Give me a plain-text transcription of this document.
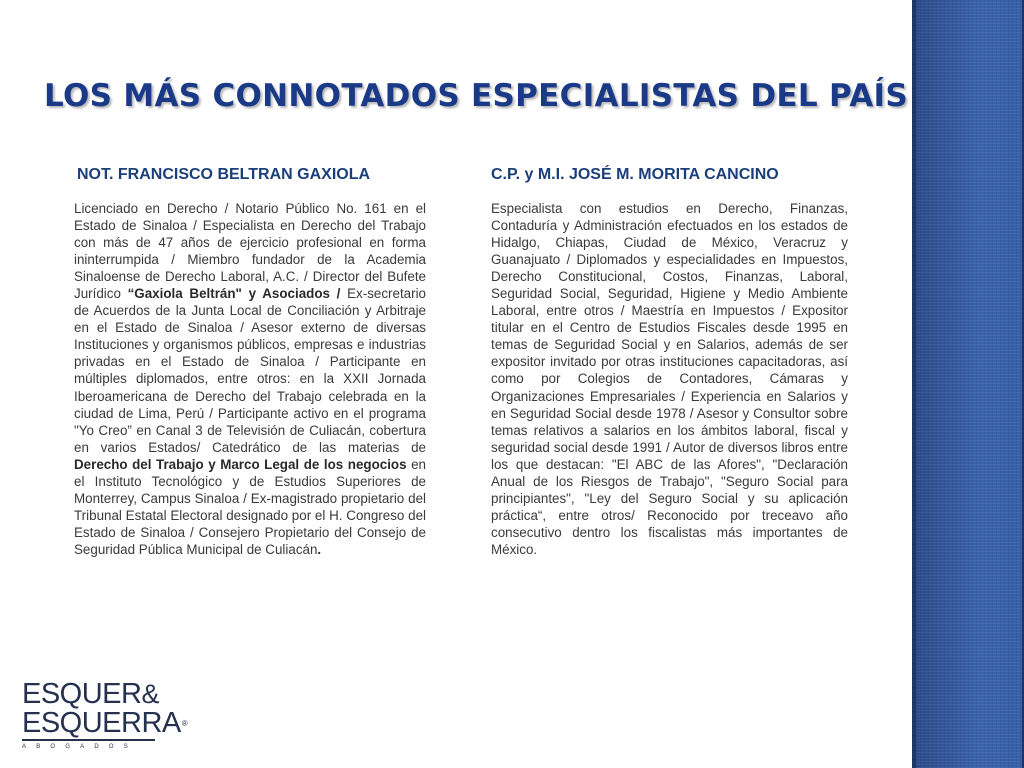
LOS MÁS CONNOTADOS ESPECIALISTAS DEL PAÍS
NOT. FRANCISCO BELTRAN GAXIOLA

Licenciado en Derecho / Notario Público No. 161 en el Estado de Sinaloa / Especialista en Derecho del Trabajo con más de 47 años de ejercicio profesional en forma ininterrumpida / Miembro fundador de la Academia Sinaloense de Derecho Laboral, A.C. / Director del Bufete Jurídico “Gaxiola Beltrán" y Asociados / Ex-secretario de Acuerdos de la Junta Local de Conciliación y Arbitraje en el Estado de Sinaloa / Asesor externo de diversas Instituciones y organismos públicos, empresas e industrias privadas en el Estado de Sinaloa / Participante en múltiples diplomados, entre otros: en la XXII Jornada Iberoamericana de Derecho del Trabajo celebrada en la ciudad de Lima, Perú / Participante activo en el programa "Yo Creo” en Canal 3 de Televisión de Culiacán, cobertura en varios Estados/ Catedrático de las materias de Derecho del Trabajo y Marco Legal de los negocios en el Instituto Tecnológico y de Estudios Superiores de Monterrey, Campus Sinaloa / Ex-magistrado propietario del Tribunal Estatal Electoral designado por el H. Congreso del Estado de Sinaloa / Consejero Propietario del Consejo de Seguridad Pública Municipal de Culiacán.

C.P. y M.I. JOSÉ M. MORITA CANCINO

Especialista con estudios en Derecho, Finanzas, Contaduría y Administración efectuados en los estados de Hidalgo, Chiapas, Ciudad de México, Veracruz y Guanajuato / Diplomados y especialidades en Impuestos, Derecho Constitucional, Costos, Finanzas, Laboral, Seguridad Social, Seguridad, Higiene y Medio Ambiente Laboral, entre otros / Maestría en Impuestos / Expositor titular en el Centro de Estudios Fiscales desde 1995 en temas de Seguridad Social y en Salarios, además de ser expositor invitado por otras instituciones capacitadoras, así como por Colegios de Contadores, Cámaras y Organizaciones Empresariales / Experiencia en Salarios y en Seguridad Social desde 1978 / Asesor y Consultor sobre temas relativos a salarios en los ámbitos laboral, fiscal y seguridad social desde 1991 / Autor de diversos libros entre los que destacan: "El ABC de las Afores", "Declaración Anual de los Riesgos de Trabajo", "Seguro Social para principiantes", "Ley del Seguro Social y su aplicación práctica“, entre otros/ Reconocido por treceavo año consecutivo dentro los fiscalistas más importantes de México.

ESQUER&
ESQUERRA®
ABOGADOS
